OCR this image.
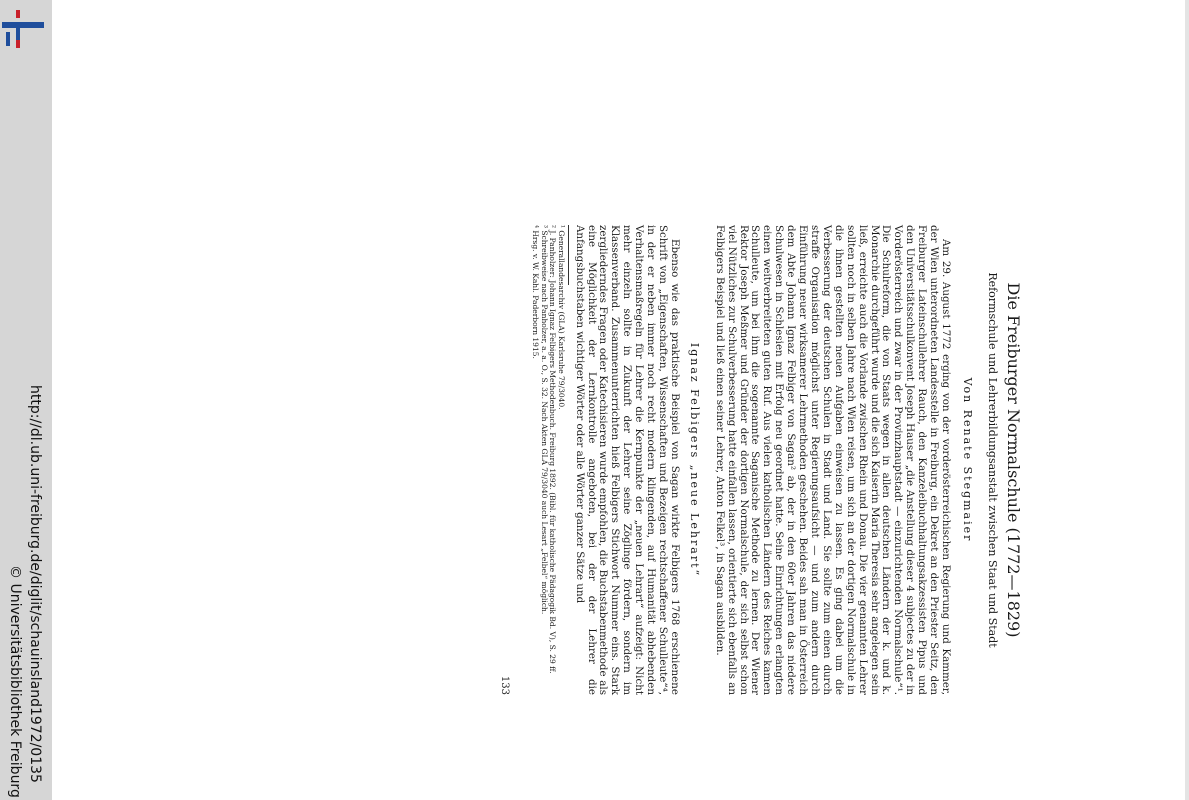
http://dl.ub.uni-freiburg.de/diglit/schauinsland1972/0135
© Universitätsbibliothek Freiburg
Die Freiburger Normalschule (1772—1829)

Reformschule und Lehrerbildungsanstalt zwischen Staat und Stadt

Von Renate Stegmaier

Am 29. August 1772 erging von der vorderösterreichischen Regierung und Kammer, der Wien unterordneten Landesstelle in Freiburg, ein Dekret an den Priester Seitz, den Freiburger Lateinschullehrer Rauch, den Kanzeleibuchhaltungsakzessisten Pipus und den Universitätsschulkonvent Joseph Hauser „die Anstellung dieser 4 subjectes zu der in Vorderösterreich und zwar in der Provinzhauptstadt — einzurichtenden Normalschule“¹. Die Schulreform, die von Staats wegen in allen deutschen Ländern der k. und k. Monarchie durchgeführt wurde und die sich Kaiserin Maria Theresia sehr angelegen sein ließ, erreichte auch die Vorlande zwischen Rhein und Donau. Die vier genannten Lehrer sollten noch in selben Jahre nach Wien reisen, um sich an der dortigen Normalschule in die ihnen gestellten neuen Aufgaben einweisen zu lassen. Es ging dabei um die Verbesserung der deutschen Schulen in Stadt und Land. Sie sollte zum einen durch straffe Organisation möglichst unter Regierungsaufsicht — und zum andern durch Einführung neuer wirksamerer Lehrmethoden geschehen. Beides sah man in Österreich dem Abte Johann Ignaz Felbiger von Sagan² ab, der in den 60er Jahren das niedere Schulwesen in Schlesien mit Erfolg neu geordnet hatte. Seine Einrichtungen erlangten einen weitverbreiteten guten Ruf. Aus vielen katholischen Ländern des Reiches kamen Schulleute, um bei ihm die sogenannte Saganische Methode zu lernen. Der Wiener Rektor Joseph Meßmer und Gründer der dortigen Normalschule, der sich selbst schon viel Nützliches zur Schulverbesserung hatte einfallen lassen, orientierte sich ebenfalls an Felbigers Beispiel und ließ einen seiner Lehrer, Anton Felkel³, in Sagan ausbilden.

Ignaz Felbigers „neue Lehrart“

Ebenso wie das praktische Beispiel von Sagan wirkte Felbigers 1768 erschienene Schrift von „Eigenschaften, Wissenschaften und Bezeigen rechtschaffener Schulleute“⁴, in der er neben immer noch recht modern klingenden, auf Humanität abhebenden Verhaltensmaßregeln für Lehrer die Kernpunkte der „neuen Lehrart“ aufzeigt: Nicht mehr einzeln sollte in Zukunft der Lehrer seine Zöglinge fördern, sondern im Klassenverband. Zusammenunterrichten hieß Felbigers Stichwort Nummer eins. Stark zergliederndes Fragen oder Katechisieren wurde empfohlen, die Buchstabenmethode als eine Möglichkeit der Lernkontrolle angeboten, bei der der Lehrer die Anfangsbuchstaben wichtiger Wörter oder alle Wörter ganzer Sätze und

¹ Generallandesarchiv (GLA) Karlsruhe 79/3040.

² J. Panholzer: Johann Ignaz Felbigers Methodenbuch. Freiburg 1892. (Bibl. für katholische Pädagogik Bd. V), S. 29 ff.

³ Schreibweise nach Panholzer, a. a. O., S. 32. Nach Akten GLA 79/3040 auch Lesart „Felbel“ möglich.

⁴ Hrsg. v. W. Kahl. Paderborn 1915.

133
